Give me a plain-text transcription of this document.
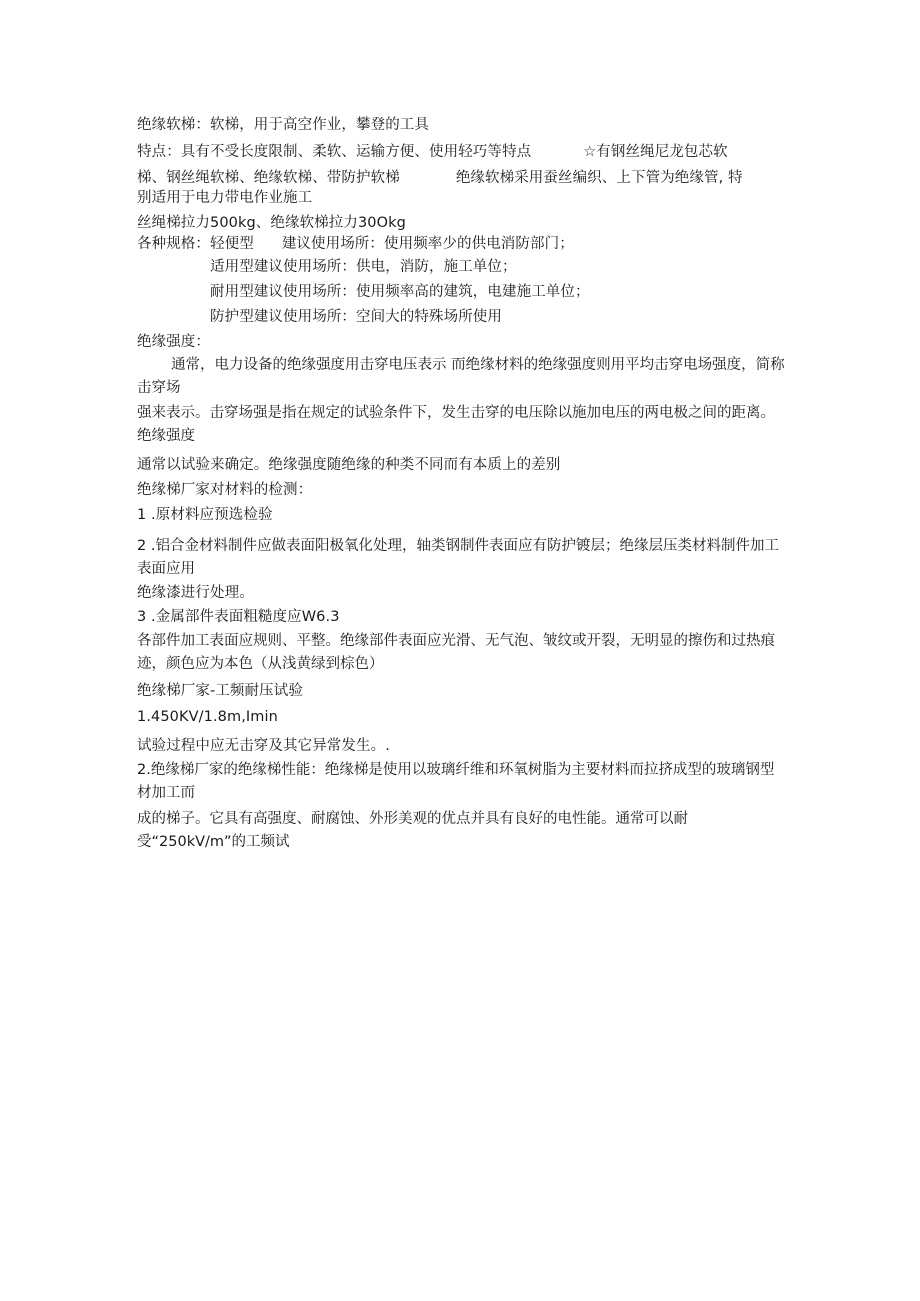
绝缘软梯：软梯，用于高空作业，攀登的工具
特点：具有不受长度限制、柔软、运输方便、使用轻巧等特点	☆有钢丝绳尼龙包芯软
梯、钢丝绳软梯、绝缘软梯、带防护软梯	绝缘软梯采用蚕丝编织、上下管为绝缘管, 特
别适用于电力带电作业施工
丝绳梯拉力500kg、绝缘软梯拉力30Okg
各种规格：轻便型 建议使用场所：使用频率少的供电消防部门；
适用型建议使用场所：供电，消防，施工单位；
耐用型建议使用场所：使用频率高的建筑，电建施工单位；
防护型建议使用场所：空间大的特殊场所使用
绝缘强度：
通常，电力设备的绝缘强度用击穿电压表示 而绝缘材料的绝缘强度则用平均击穿电场强度，简称击穿场
强来表示。击穿场强是指在规定的试验条件下，发生击穿的电压除以施加电压的两电极之间的距离。绝缘强度
通常以试验来确定。绝缘强度随绝缘的种类不同而有本质上的差别
绝缘梯厂家对材料的检测：
1 .原材料应预选检验
2 .铝合金材料制件应做表面阳极氧化处理，轴类钢制件表面应有防护镀层；绝缘层压类材料制件加工表面应用
绝缘漆进行处理。
3 .金属部件表面粗糙度应W6.3
各部件加工表面应规则、平整。绝缘部件表面应光滑、无气泡、皱纹或开裂，无明显的擦伤和过热痕迹，颜色应为本色（从浅黄绿到棕色）
绝缘梯厂家-工频耐压试验
1.450KV∕1.8m,Imin
试验过程中应无击穿及其它异常发生。.
2.绝缘梯厂家的绝缘梯性能：绝缘梯是使用以玻璃纤维和环氧树脂为主要材料而拉挤成型的玻璃钢型材加工而
成的梯子。它具有高强度、耐腐蚀、外形美观的优点并具有良好的电性能。通常可以耐受“250kV/m”的工频试
